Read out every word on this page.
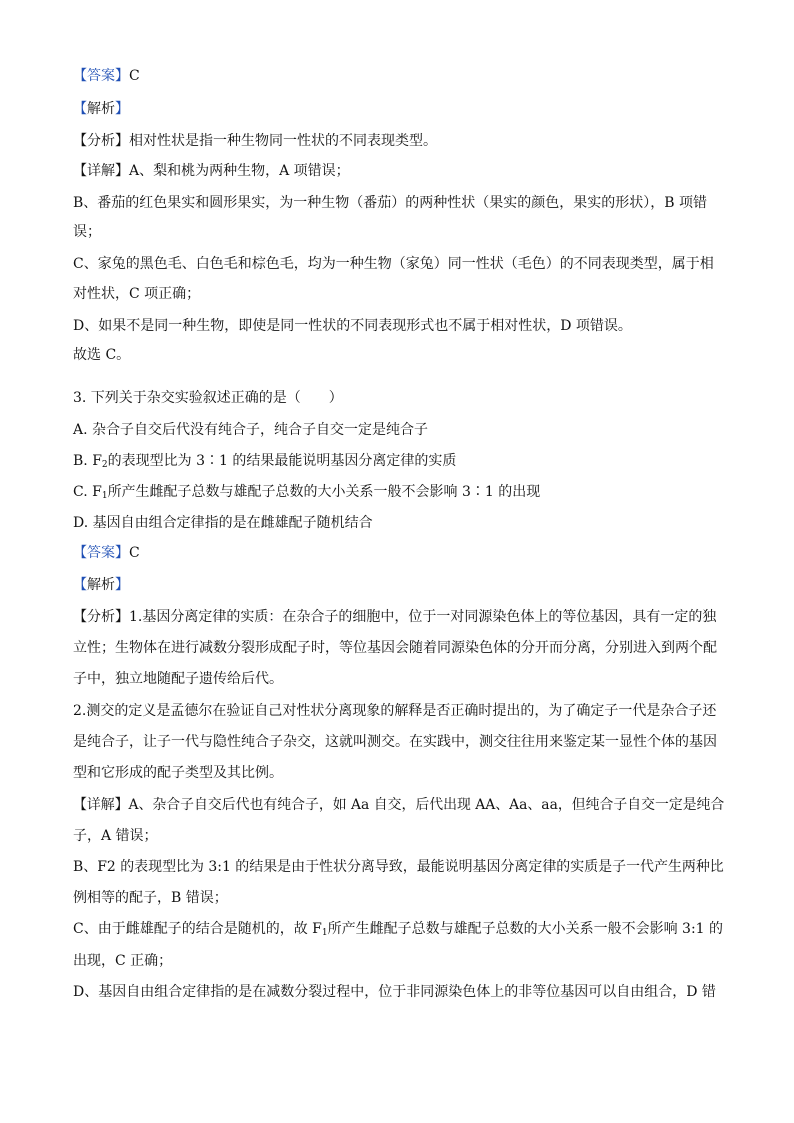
【答案】C
【解析】
【分析】相对性状是指一种生物同一性状的不同表现类型。
【详解】A、梨和桃为两种生物，A 项错误；
B、番茄的红色果实和圆形果实，为一种生物（番茄）的两种性状（果实的颜色，果实的形状），B 项错
误；
C、家兔的黑色毛、白色毛和棕色毛，均为一种生物（家兔）同一性状（毛色）的不同表现类型，属于相
对性状，C 项正确；
D、如果不是同一种生物，即使是同一性状的不同表现形式也不属于相对性状，D 项错误。
故选 C。
3. 下列关于杂交实验叙述正确的是（　　）
A. 杂合子自交后代没有纯合子，纯合子自交一定是纯合子
B. $F_2$的表现型比为 3∶1 的结果最能说明基因分离定律的实质
C. $F_1$所产生雌配子总数与雄配子总数的大小关系一般不会影响 3∶1 的出现
D. 基因自由组合定律指的是在雌雄配子随机结合
【答案】C
【解析】
【分析】1.基因分离定律的实质：在杂合子的细胞中，位于一对同源染色体上的等位基因，具有一定的独
立性；生物体在进行减数分裂形成配子时，等位基因会随着同源染色体的分开而分离，分别进入到两个配
子中，独立地随配子遗传给后代。
2.测交的定义是孟德尔在验证自己对性状分离现象的解释是否正确时提出的，为了确定子一代是杂合子还
是纯合子，让子一代与隐性纯合子杂交，这就叫测交。在实践中，测交往往用来鉴定某一显性个体的基因
型和它形成的配子类型及其比例。
【详解】A、杂合子自交后代也有纯合子，如 Aa 自交，后代出现 AA、Aa、aa，但纯合子自交一定是纯合
子，A 错误；
B、F2 的表现型比为 3:1 的结果是由于性状分离导致，最能说明基因分离定律的实质是子一代产生两种比
例相等的配子，B 错误；
C、由于雌雄配子的结合是随机的，故 $F_1$所产生雌配子总数与雄配子总数的大小关系一般不会影响 3:1 的
出现，C 正确；
D、基因自由组合定律指的是在减数分裂过程中，位于非同源染色体上的非等位基因可以自由组合，D 错
